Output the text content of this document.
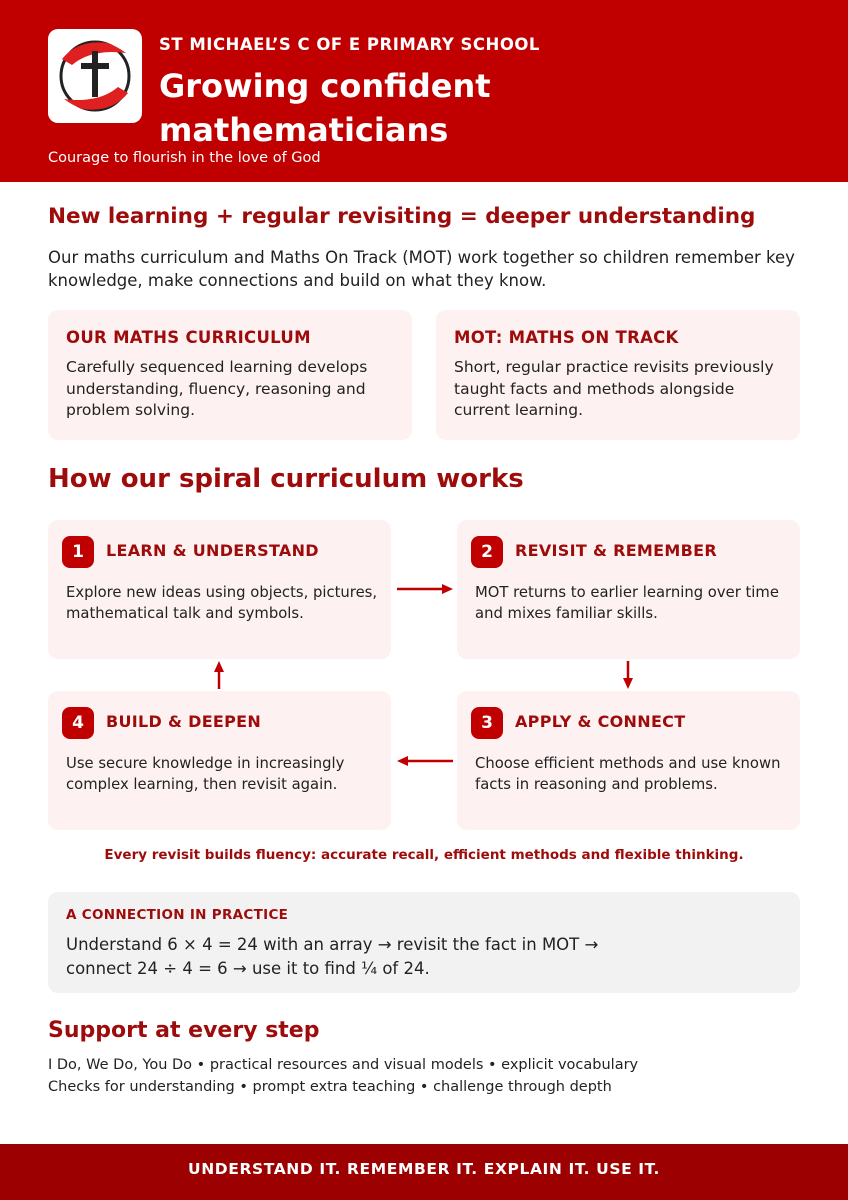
ST MICHAEL’S C OF E PRIMARY SCHOOL
Growing confident mathematicians
Courage to flourish in the love of God
New learning + regular revisiting = deeper understanding
Our maths curriculum and Maths On Track (MOT) work together so children remember key knowledge, make connections and build on what they know.
OUR MATHS CURRICULUM
Carefully sequenced learning develops understanding, fluency, reasoning and problem solving.
MOT: MATHS ON TRACK
Short, regular practice revisits previously taught facts and methods alongside current learning.
How our spiral curriculum works
1	LEARN & UNDERSTAND
Explore new ideas using objects, pictures, mathematical talk and symbols.
2	REVISIT & REMEMBER
MOT returns to earlier learning over time and mixes familiar skills.
3	APPLY & CONNECT
Choose efficient methods and use known facts in reasoning and problems.
4	BUILD & DEEPEN
Use secure knowledge in increasingly complex learning, then revisit again.
Every revisit builds fluency: accurate recall, efficient methods and flexible thinking.
A CONNECTION IN PRACTICE
Understand 6 × 4 = 24 with an array → revisit the fact in MOT → connect 24 ÷ 4 = 6 → use it to find ¼ of 24.
Support at every step
I Do, We Do, You Do • practical resources and visual models • explicit vocabulary
Checks for understanding • prompt extra teaching • challenge through depth
UNDERSTAND IT. REMEMBER IT. EXPLAIN IT. USE IT.
